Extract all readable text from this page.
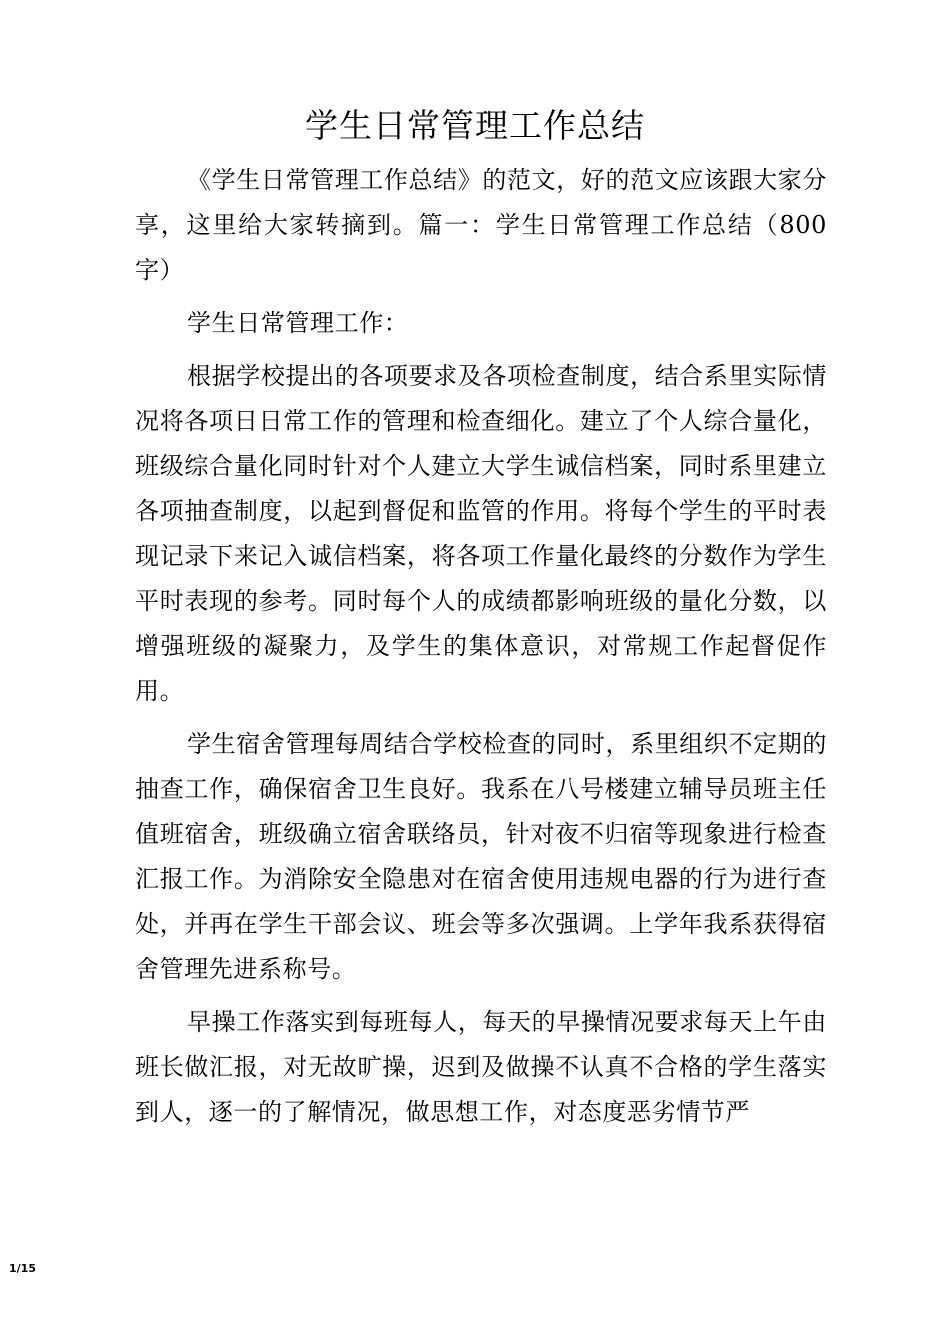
学生日常管理工作总结

《学生日常管理工作总结》的范文，好的范文应该跟大家分享，这里给大家转摘到。篇一：学生日常管理工作总结（800字）

学生日常管理工作：

根据学校提出的各项要求及各项检查制度，结合系里实际情况将各项日日常工作的管理和检查细化。建立了个人综合量化，班级综合量化同时针对个人建立大学生诚信档案，同时系里建立各项抽查制度，以起到督促和监管的作用。将每个学生的平时表现记录下来记入诚信档案，将各项工作量化最终的分数作为学生平时表现的参考。同时每个人的成绩都影响班级的量化分数，以增强班级的凝聚力，及学生的集体意识，对常规工作起督促作用。

学生宿舍管理每周结合学校检查的同时，系里组织不定期的抽查工作，确保宿舍卫生良好。我系在八号楼建立辅导员班主任值班宿舍，班级确立宿舍联络员，针对夜不归宿等现象进行检查汇报工作。为消除安全隐患对在宿舍使用违规电器的行为进行查处，并再在学生干部会议、班会等多次强调。上学年我系获得宿舍管理先进系称号。

早操工作落实到每班每人，每天的早操情况要求每天上午由班长做汇报，对无故旷操，迟到及做操不认真不合格的学生落实到人，逐一的了解情况，做思想工作，对态度恶劣情节严

1/15
